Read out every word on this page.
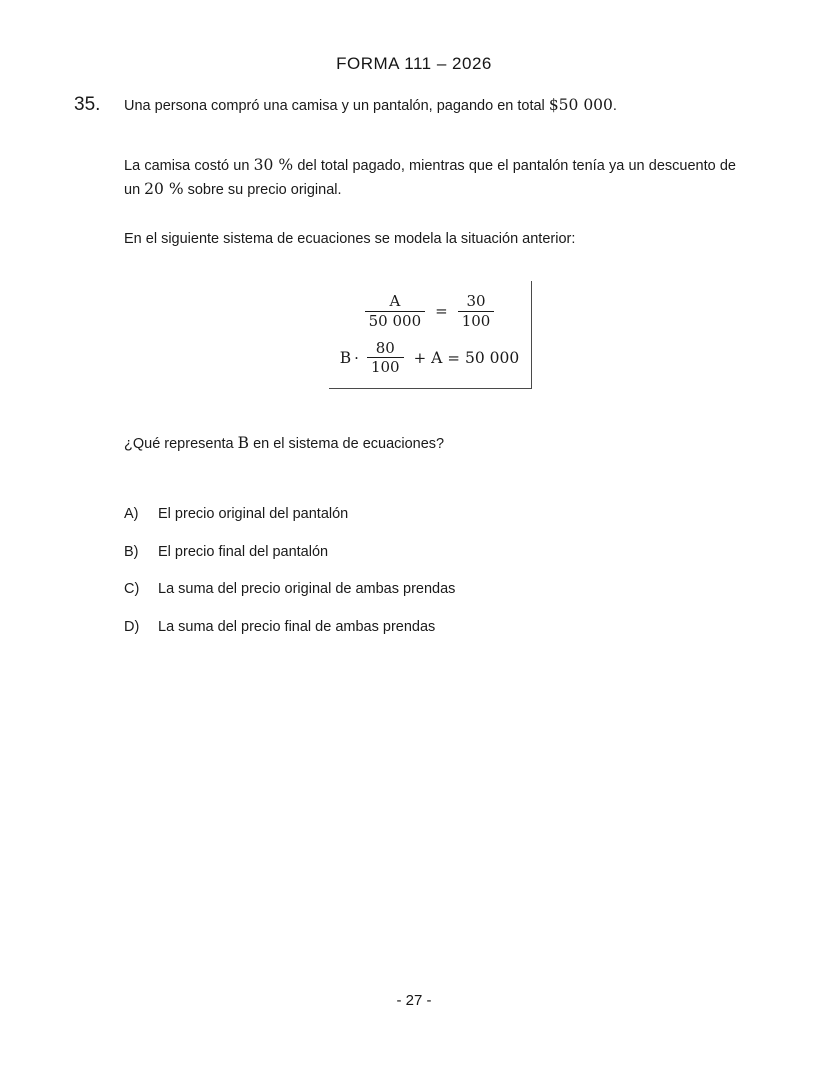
FORMA 111 – 2026
35. Una persona compró una camisa y un pantalón, pagando en total $50 000.

La camisa costó un 30 % del total pagado, mientras que el pantalón tenía ya un descuento de un 20 % sobre su precio original.

En el siguiente sistema de ecuaciones se modela la situación anterior:

$\frac{A}{50 000} = \frac{30}{100}$
$B \cdot \frac{80}{100} + A = 50$ 000

¿Qué representa B en el sistema de ecuaciones?

A)	El precio original del pantalón
B)	El precio final del pantalón
C)	La suma del precio original de ambas prendas
D)	La suma del precio final de ambas prendas
- 27 -
